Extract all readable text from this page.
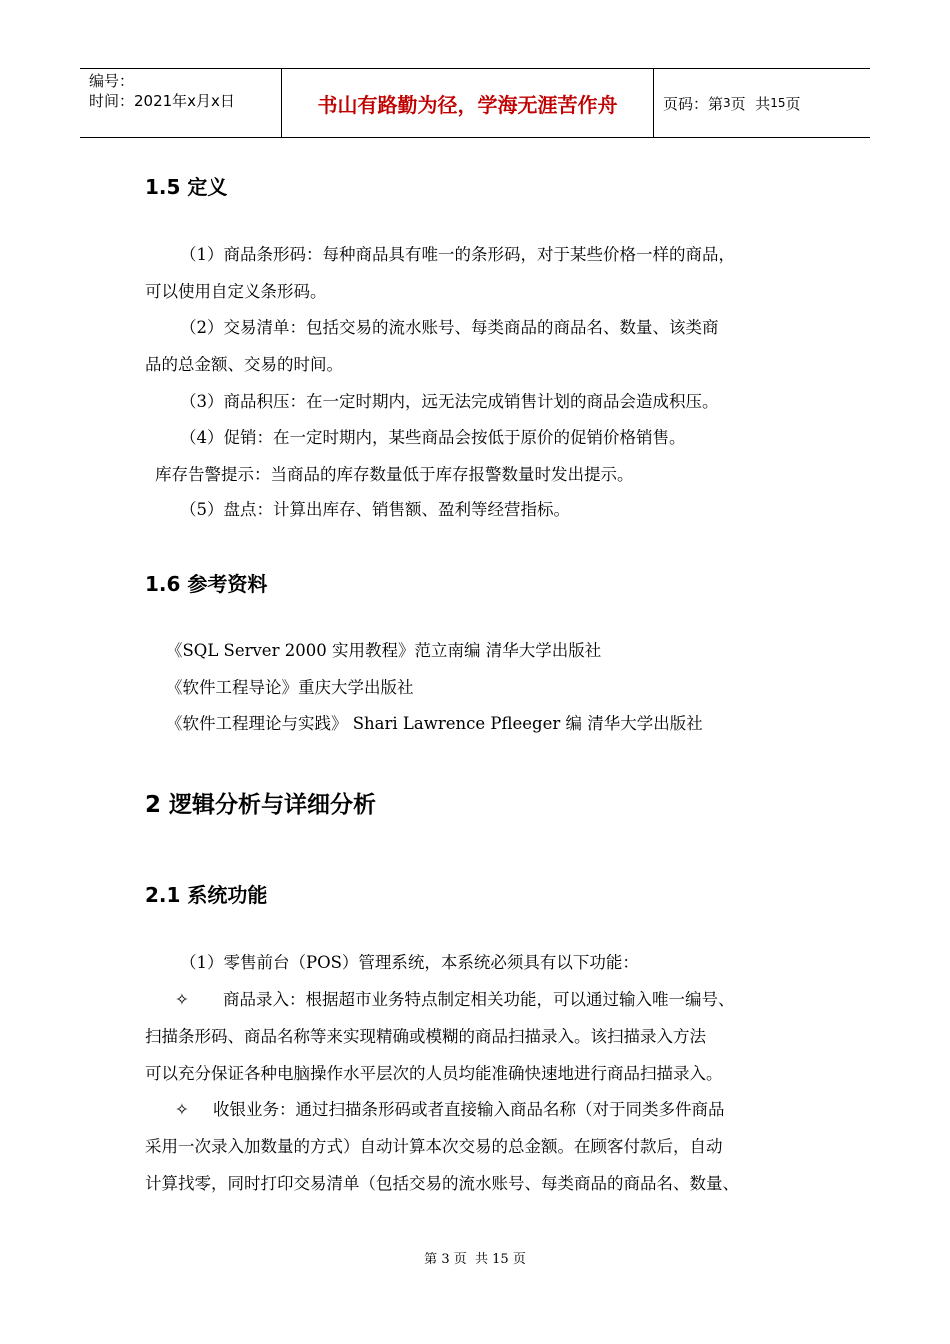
编号：
时间：2021年x月x日	书山有路勤为径，学海无涯苦作舟	页码：第 3 页  共 15 页
1.5 定义
（1）商品条形码：每种商品具有唯一的条形码，对于某些价格一样的商品，
可以使用自定义条形码。
（2）交易清单：包括交易的流水账号、每类商品的商品名、数量、该类商
品的总金额、交易的时间。
（3）商品积压：在一定时期内，远无法完成销售计划的商品会造成积压。
（4）促销：在一定时期内，某些商品会按低于原价的促销价格销售。
库存告警提示：当商品的库存数量低于库存报警数量时发出提示。
（5）盘点：计算出库存、销售额、盈利等经营指标。
1.6 参考资料
《SQL Server 2000 实用教程》范立南编 清华大学出版社
《软件工程导论》重庆大学出版社
《软件工程理论与实践》 Shari Lawrence Pfleeger 编 清华大学出版社
2 逻辑分析与详细分析
2.1 系统功能
（1）零售前台（POS）管理系统，本系统必须具有以下功能：
✧ 商品录入：根据超市业务特点制定相关功能，可以通过输入唯一编号、
扫描条形码、商品名称等来实现精确或模糊的商品扫描录入。该扫描录入方法
可以充分保证各种电脑操作水平层次的人员均能准确快速地进行商品扫描录入。
✧ 收银业务：通过扫描条形码或者直接输入商品名称（对于同类多件商品
采用一次录入加数量的方式）自动计算本次交易的总金额。在顾客付款后，自动
计算找零，同时打印交易清单（包括交易的流水账号、每类商品的商品名、数量、
第 3 页  共 15 页
